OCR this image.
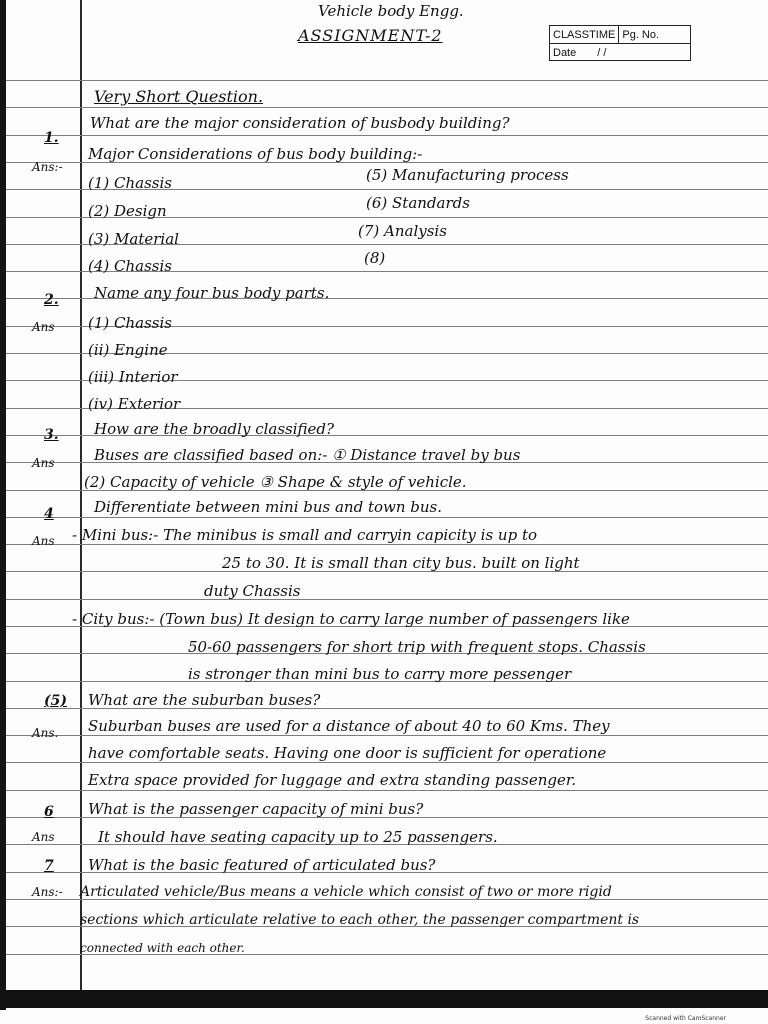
Vehicle body Engg.
ASSIGNMENT-2	CLASSTIME Pg. No.
Date / /
Very Short Question.
1.
What are the major consideration of busbody building?
Ans:-
Major Considerations of bus body building:-
(1) Chassis
(2) Design
(3) Material
(4) Chassis
(5) Manufacturing process
(6) Standards
(7) Analysis
(8)
2. Name any four bus body parts.
Ans (1) Chassis
(ii) Engine
(iii) Interior
(iv) Exterior
3. How are the broadly classified?
Ans	Buses are classified based on:- ① Distance travel by bus
(2) Capacity of vehicle ③ Shape & style of vehicle.
4	Differentiate between mini bus and town bus.
Ans - Mini bus:- The minibus is small and carryin capicity is up to
25 to 30. It is small than city bus. built on light
duty Chassis
- City bus:- (Town bus) It design to carry large number of passengers like
50-60 passengers for short trip with frequent stops. Chassis
is stronger than mini bus to carry more pessenger
(5) What are the suburban buses?
Ans. Suburban buses are used for a distance of about 40 to 60 Kms. They
have comfortable seats. Having one door is sufficient for operatione
Extra space provided for luggage and extra standing passenger.
6 What is the passenger capacity of mini bus?
Ans	It should have seating capacity up to 25 passengers.
7 What is the basic featured of articulated bus?
Ans:- Articulated vehicle/Bus means a vehicle which consist of two or more rigid
sections which articulate relative to each other, the passenger compartment is
connected with each other.
Scanned with CamScanner
